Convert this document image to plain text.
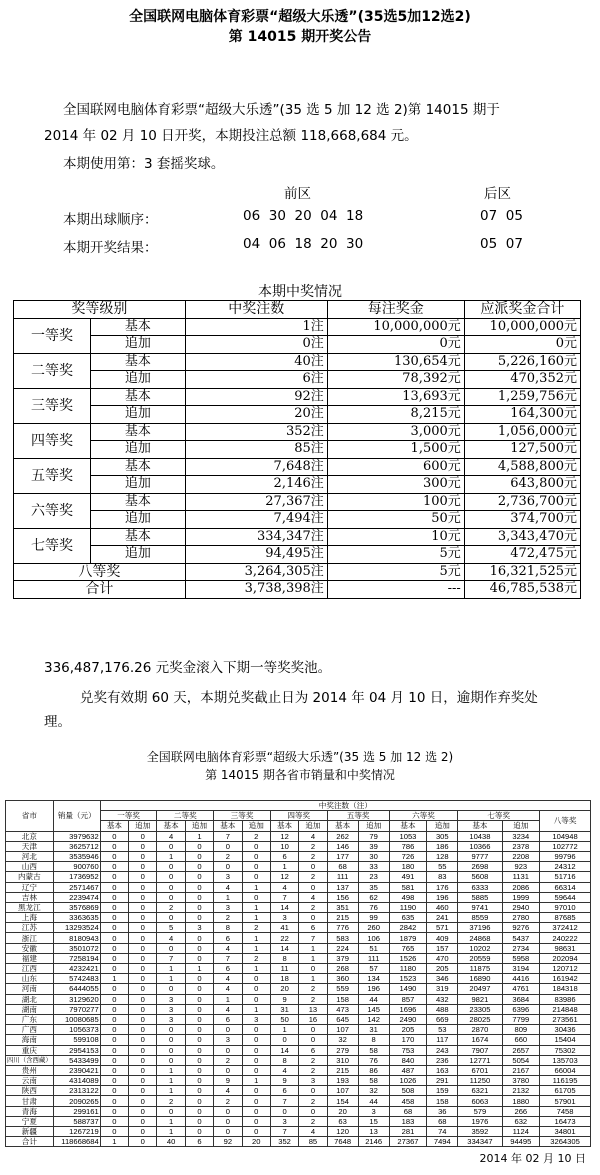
全国联网电脑体育彩票“超级大乐透”(35选5加12选2)
第 14015 期开奖公告
全国联网电脑体育彩票“超级大乐透”(35 选 5 加 12 选 2)第 14015 期于
2014 年 02 月 10 日开奖，本期投注总额 118,668,684 元。
本期使用第：3 套摇奖球。
前区	后区
本期出球顺序：	06  30  20  04  18	07  05
本期开奖结果：	04  06  18  20  30	05  07
本期中奖情况
奖等级别		中奖注数	每注奖金	应派奖金合计
一等奖	基本	1注	10,000,000元	10,000,000元
	追加	0注	0元	0元
二等奖	基本	40注	130,654元	5,226,160元
	追加	6注	78,392元	470,352元
三等奖	基本	92注	13,693元	1,259,756元
	追加	20注	8,215元	164,300元
四等奖	基本	352注	3,000元	1,056,000元
	追加	85注	1,500元	127,500元
五等奖	基本	7,648注	600元	4,588,800元
	追加	2,146注	300元	643,800元
六等奖	基本	27,367注	100元	2,736,700元
	追加	7,494注	50元	374,700元
七等奖	基本	334,347注	10元	3,343,470元
	追加	94,495注	5元	472,475元
八等奖		3,264,305注	5元	16,321,525元
合计		3,738,398注	---	46,785,538元
336,487,176.26 元奖金滚入下期一等奖奖池。
兑奖有效期 60 天，本期兑奖截止日为 2014 年 04 月 10 日，逾期作弃奖处
理。
全国联网电脑体育彩票“超级大乐透”(35 选 5 加 12 选 2)
第 14015 期各省市销量和中奖情况
省市	销量（元）	中奖注数（注）														
		一等奖		二等奖		三等奖		四等奖		五等奖		六等奖		七等奖		八等奖
		基本	追加	基本	追加	基本	追加	基本	追加	基本	追加	基本	追加	基本	追加	
北京	3979632	0	0	4	1	7	2	12	4	262	79	1053	305	10438	3234	104948
天津	3625712	0	0	0	0	0	0	10	2	146	39	786	186	10366	2378	102772
河北	3535946	0	0	1	0	2	0	6	2	177	30	726	128	9777	2208	99796
山西	900760	0	0	0	0	0	0	1	0	68	33	180	55	2698	923	24312
内蒙古	1736952	0	0	0	0	3	0	12	2	111	23	491	83	5608	1131	51716
辽宁	2571467	0	0	0	0	4	1	4	0	137	35	581	176	6333	2086	66314
吉林	2239474	0	0	0	0	1	0	7	4	156	62	498	196	5885	1999	59644
黑龙江	3576869	0	0	2	0	3	1	14	2	351	76	1190	460	9741	2940	97010
上海	3363635	0	0	0	0	2	1	3	0	215	99	635	241	8559	2780	87685
江苏	13293524	0	0	5	3	8	2	41	6	776	260	2842	571	37196	9276	372412
浙江	8180943	0	0	4	0	6	1	22	7	583	106	1879	409	24868	5437	240222
安徽	3501072	0	0	0	0	4	1	14	1	224	51	765	157	10202	2734	98631
福建	7258194	0	0	7	0	7	2	8	1	379	111	1526	470	20559	5958	202094
江西	4232421	0	0	1	1	6	1	11	0	268	57	1180	205	11875	3194	120712
山东	5742483	1	0	1	0	4	0	18	1	360	134	1523	346	16890	4416	161942
河南	6444055	0	0	0	0	4	0	20	2	559	196	1490	319	20497	4761	184318
湖北	3129620	0	0	3	0	1	0	9	2	158	44	857	432	9821	3684	83986
湖南	7970277	0	0	3	0	4	1	31	13	473	145	1696	488	23305	6396	214848
广东	10080685	0	0	3	0	6	3	50	16	645	142	2490	669	28025	7799	273561
广西	1056373	0	0	0	0	0	0	1	0	107	31	205	53	2870	809	30436
海南	599108	0	0	0	0	3	0	0	0	32	8	170	117	1674	660	15404
重庆	2954153	0	0	0	0	0	0	14	6	279	58	753	243	7907	2657	75302
四川（含西藏）	5433499	0	0	0	0	2	0	8	2	310	76	840	236	12771	5054	135703
贵州	2390421	0	0	1	0	0	0	4	2	215	86	487	163	6701	2167	66004
云南	4314089	0	0	1	0	9	1	9	3	193	58	1026	291	11250	3780	116195
陕西	2313122	0	0	1	0	4	0	6	0	107	32	508	159	6321	2132	61705
甘肃	2090265	0	0	2	0	2	0	7	2	154	44	458	158	6063	1880	57901
青海	299161	0	0	0	0	0	0	0	0	20	3	68	36	579	266	7458
宁夏	588737	0	0	1	0	0	0	3	2	63	15	183	68	1976	632	16473
新疆	1267219	0	0	1	0	0	0	7	4	120	13	281	74	3592	1124	34801
合计	118668684	1	0	40	6	92	20	352	85	7648	2146	27367	7494	334347	94495	3264305
2014 年 02 月 10 日
